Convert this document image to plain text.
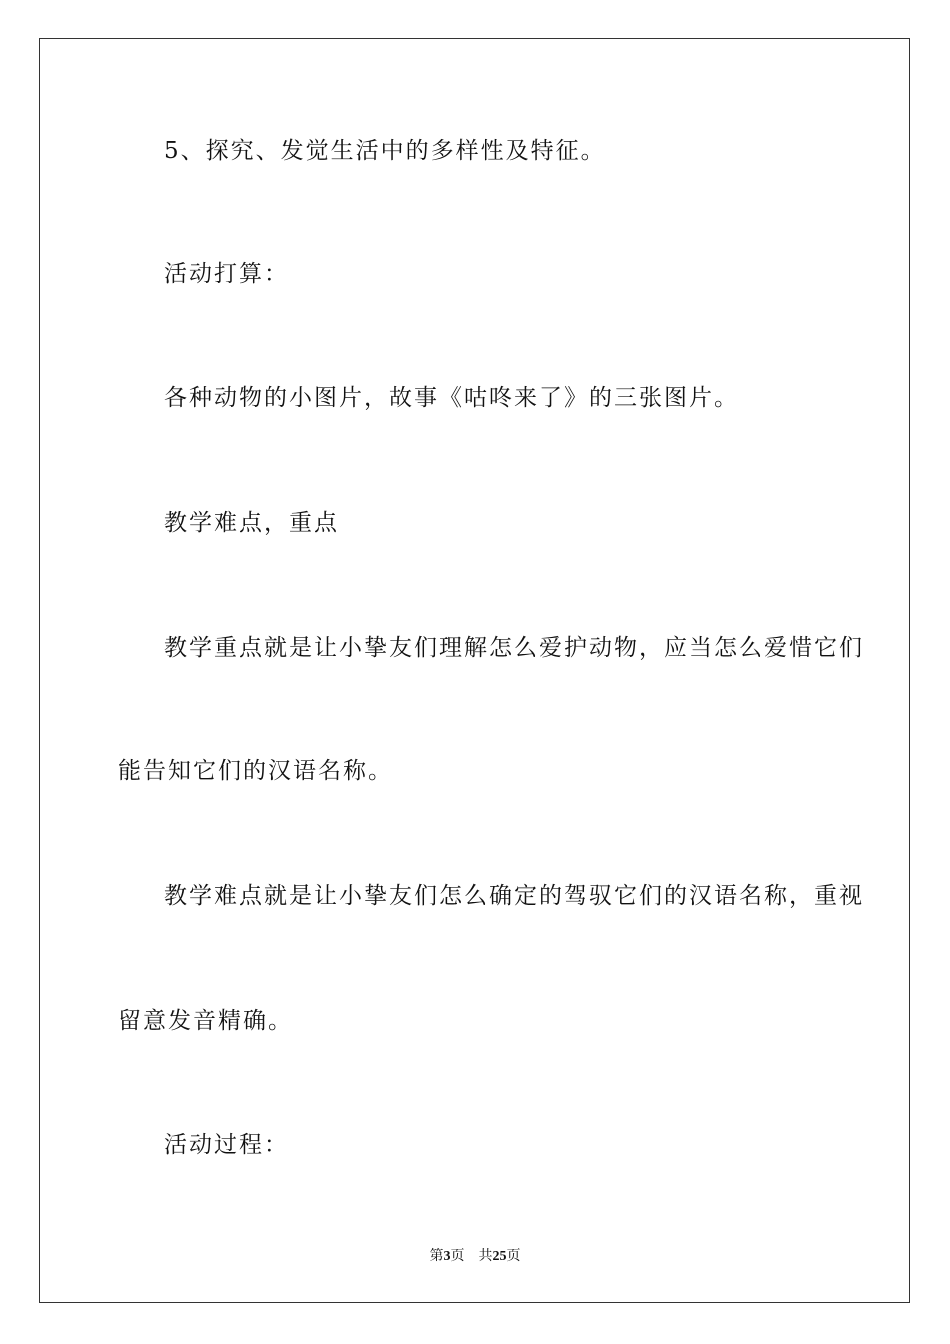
5、探究、发觉生活中的多样性及特征。
活动打算：
各种动物的小图片，故事《咕咚来了》的三张图片。
教学难点，重点
教学重点就是让小挚友们理解怎么爱护动物，应当怎么爱惜它们
能告知它们的汉语名称。
教学难点就是让小挚友们怎么确定的驾驭它们的汉语名称，重视
留意发音精确。
活动过程：
第3页 共25页
